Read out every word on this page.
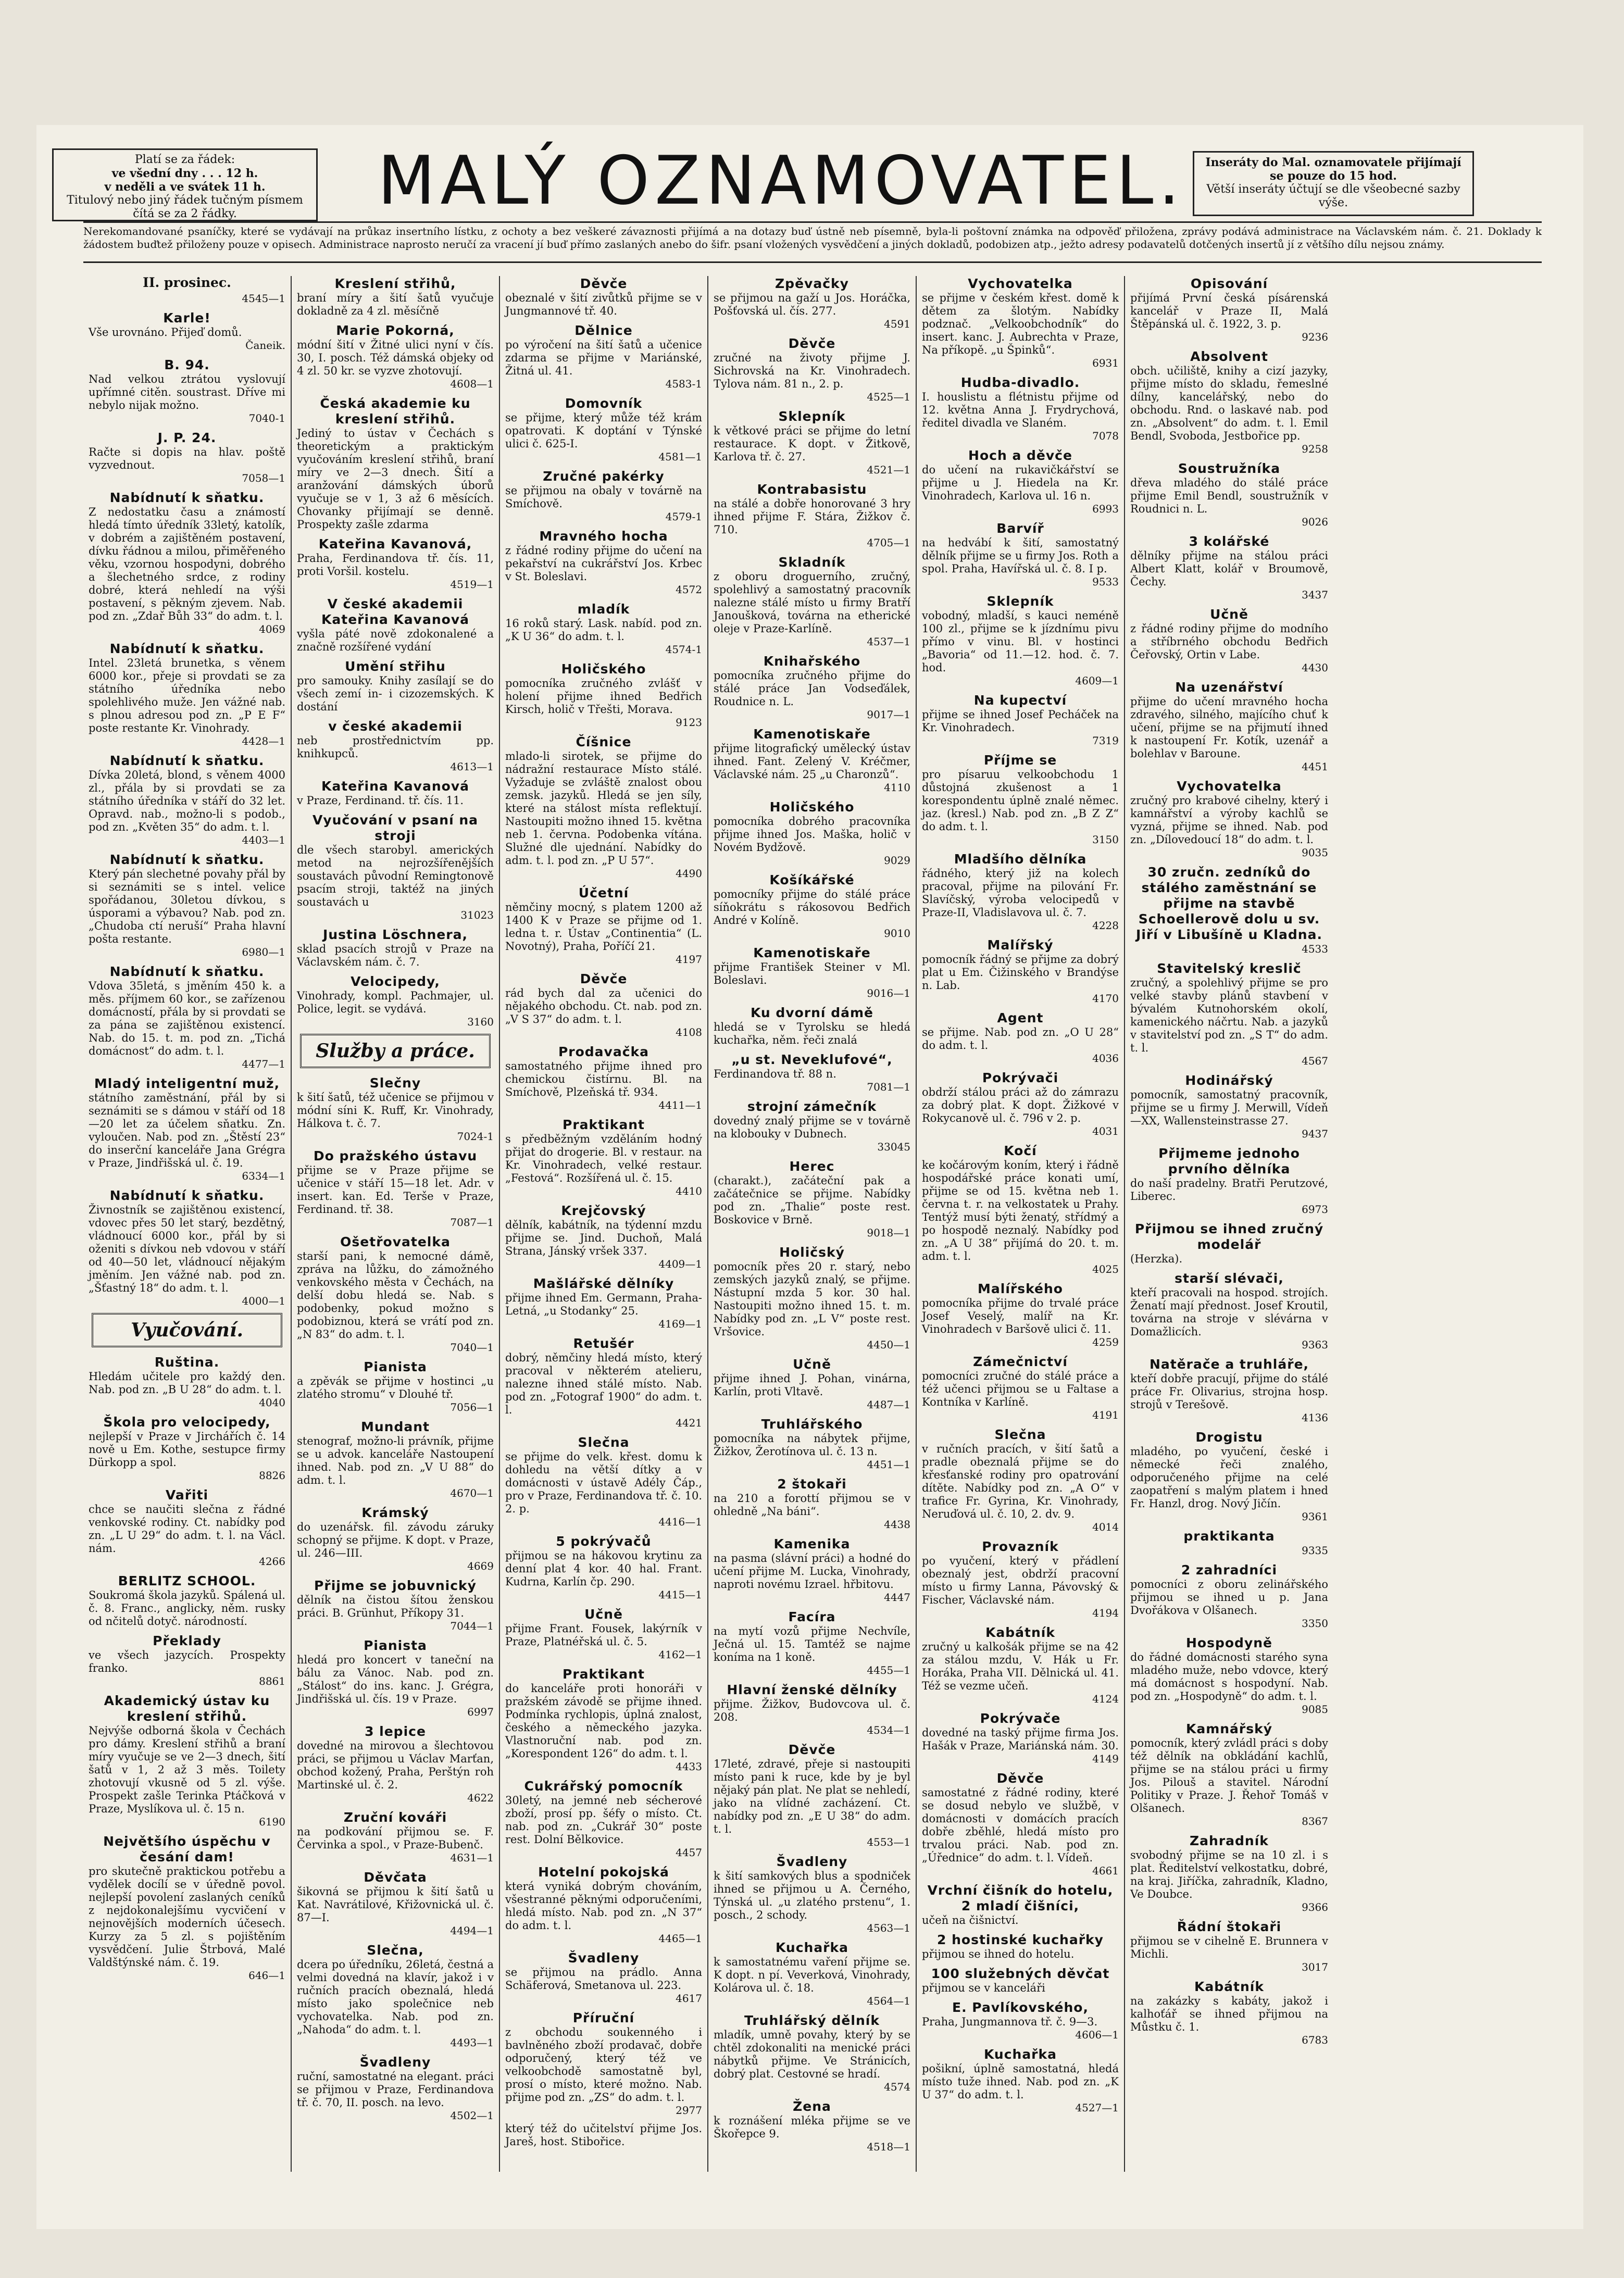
Platí se za řádek:
ve všední dny . . . 12 h.
v neděli a ve svátek 11 h.
Titulový nebo jiný řádek tučným písmem čítá se za 2 řádky.	MALÝ OZNAMOVATEL.	Inseráty do Mal. oznamovatele přijímají se pouze do 15 hod.
Větší inseráty účtují se dle všeobecné sazby výše.
Nerekomandované psaníčky, které se vydávají na průkaz insertního lístku, z ochoty a bez veškeré závaznosti přijímá a na dotazy buď ústně neb písemně, byla-li poštovní známka na odpověď přiložena, zprávy podává administrace na Václavském nám. č. 21. Doklady k žádostem buďtež přiloženy pouze v opisech. Administrace naprosto neručí za vracení jí buď přímo zaslaných anebo do šifr. psaní vložených vysvědčení a jiných dokladů, podobizen atp., ježto adresy podavatelů dotčených insertů jí z většího dílu nejsou známy.
II. prosinec.
4545—1
Karle!
Vše urovnáno. Přijeď domů.
Čaneik.
B. 94.
Nad velkou ztrátou vyslovují upřímné citěn. soustrast. Dříve mi nebylo nijak možno.
7040-1
J. P. 24.
Račte si dopis na hlav. poště vyzvednout.
7058—1
Nabídnutí k sňatku.
Z nedostatku času a známostí hledá tímto úředník 33letý, katolík, v dobrém a zajištěném postavení, dívku řádnou a milou, přiměřeného věku, vzornou hospodyni, dobrého a šlechetného srdce, z rodiny dobré, která nehledí na výši postavení, s pěkným zjevem. Nab. pod zn. „Zdař Bůh 33“ do adm. t. l.
4069
Nabídnutí k sňatku.
Intel. 23letá brunetka, s věnem 6000 kor., přeje si provdati se za státního úředníka nebo spolehlivého muže. Jen vážné nab. s plnou adresou pod zn. „P E F“ poste restante Kr. Vinohrady.
4428—1
Nabídnutí k sňatku.
Dívka 20letá, blond, s věnem 4000 zl., přála by si provdati se za státního úředníka v stáří do 32 let. Opravd. nab., možno-li s podob., pod zn. „Květen 35“ do adm. t. l.
4403—1
Nabídnutí k sňatku.
Který pán slechetné povahy přál by si seznámiti se s intel. velice spořádanou, 30letou dívkou, s úsporami a výbavou? Nab. pod zn. „Chudoba ctí neruší“ Praha hlavní pošta restante.
6980—1
Nabídnutí k sňatku.
Vdova 35letá, s jměním 450 k. a měs. příjmem 60 kor., se zařízenou domácností, přála by si provdati se za pána se zajištěnou existencí. Nab. do 15. t. m. pod zn. „Tichá domácnost“ do adm. t. l.
4477—1
Mladý inteligentní muž,
státního zaměstnání, přál by si seznámiti se s dámou v stáří od 18—20 let za účelem sňatku. Zn. vyloučen. Nab. pod zn. „Štěstí 23“ do inserční kanceláře Jana Grégra v Praze, Jindřišská ul. č. 19.
6334—1
Nabídnutí k sňatku.
Živnostník se zajištěnou existencí, vdovec přes 50 let starý, bezdětný, vládnoucí 6000 kor., přál by si oženiti s dívkou neb vdovou v stáří od 40—50 let, vládnoucí nějakým jměním. Jen vážné nab. pod zn. „Šťastný 18“ do adm. t. l.
4000—1
Vyučování.
Ruština.
Hledám učitele pro každý den. Nab. pod zn. „B U 28“ do adm. t. l.
4040
Škola pro velocipedy,
nejlepší v Praze v Jirchářích č. 14 nově u Em. Kothe, sestupce firmy Dürkopp a spol.
8826
Vařiti
chce se naučiti slečna z řádné venkovské rodiny. Ct. nabídky pod zn. „L U 29“ do adm. t. l. na Václ. nám.
4266
BERLITZ SCHOOL.
Soukromá škola jazyků. Spálená ul. č. 8. Franc., anglicky, něm. rusky od nčitelů dotyč. národností.
Překlady
ve všech jazycích. Prospekty franko.
8861
Akademický ústav ku kreslení střihů.
Nejvýše odborná škola v Čechách pro dámy. Kreslení střihů a braní míry vyučuje se ve 2—3 dnech, šití šatů v 1, 2 až 3 měs. Toilety zhotovují vkusně od 5 zl. výše. Prospekt zašle Terinka Ptáčková v Praze, Myslíkova ul. č. 15 n.
6190
Největšího úspěchu v česání dam!
pro skutečně praktickou potřebu a vydělek docílí se v úředně povol. nejlepší povolení zaslaných ceníků z nejdokonalejšímu vycvičení v nejnovějších moderních účesech. Kurzy za 5 zl. s pojištěním vysvědčení. Julie Štrbová, Malé Valdštýnské nám. č. 19.
646—1
Kreslení střihů,
braní míry a šití šatů vyučuje dokladně za 4 zl. měsíčně
Marie Pokorná,
módní šití v Žitné ulici nyní v čís. 30, I. posch. Též dámská objeky od 4 zl. 50 kr. se vyzve zhotovují.
4608—1
Česká akademie ku kreslení střihů.
Jediný to ústav v Čechách s theoretickým a praktickým vyučováním kreslení střihů, braní míry ve 2—3 dnech. Šití a aranžování dámských úborů vyučuje se v 1, 3 až 6 měsících. Chovanky přijímají se denně. Prospekty zašle zdarma
Kateřina Kavanová,
Praha, Ferdinandova tř. čís. 11, proti Voršil. kostelu.
4519—1
V české akademii Kateřina Kavanová
vyšla páté nově zdokonalené a značně rozšířené vydání
Umění střihu
pro samouky. Knihy zasílají se do všech zemí in- i cizozemských. K dostání
v české akademii
neb prostřednictvím pp. knihkupců.
4613—1
Kateřina Kavanová
v Praze, Ferdinand. tř. čís. 11.
Vyučování v psaní na stroji
dle všech starobyl. amerických metod na nejrozšířenějších soustavách původní Remingtonově psacím stroji, taktéž na jiných soustavách u
31023
Justina Löschnera,
sklad psacích strojů v Praze na Václavském nám. č. 7.
Velocipedy,
Vinohrady, kompl. Pachmajer, ul. Police, legit. se vydává.
3160
Služby a práce.
Slečny
k šití šatů, též učenice se přijmou v módní síni K. Ruff, Kr. Vinohrady, Hálkova t. č. 7.
7024-1
Do pražského ústavu
přijme se v Praze přijme se učenice v stáří 15—18 let. Adr. v insert. kan. Ed. Terše v Praze, Ferdinand. tř. 38.
7087—1
Ošetřovatelka
starší pani, k nemocné dámě, zpráva na lůžku, do zámožného venkovského města v Čechách, na delší dobu hledá se. Nab. s podobenky, pokud možno s podobiznou, která se vrátí pod zn. „N 83“ do adm. t. l.
7040—1
Pianista
a zpěvák se přijme v hostinci „u zlatého stromu“ v Dlouhé tř.
7056—1
Mundant
stenograf, možno-li právník, přijme se u advok. kanceláře Nastoupení ihned. Nab. pod zn. „V U 88“ do adm. t. l.
4670—1
Krámský
do uzenářsk. fil. závodu záruky schopný se přijme. K dopt. v Praze, ul. 246—III.
4669
Přijme se jobuvnický
dělník na čistou šítou ženskou práci. B. Grünhut, Příkopy 31.
7044—1
Pianista
hledá pro koncert v taneční na bálu za Vánoc. Nab. pod zn. „Stálost“ do ins. kanc. J. Grégra, Jindřišská ul. čís. 19 v Praze.
6997
3 lepice
dovedné na mirovou a šlechtovou práci, se přijmou u Václav Marťan, obchod kožený, Praha, Perštýn roh Martinské ul. č. 2.
4622
Zruční kováři
na podkování přijmou se. F. Červinka a spol., v Praze-Bubenč.
4631—1
Děvčata
šikovná se přijmou k šití šatů u Kat. Navrátilové, Křižovnická ul. č. 87—I.
4494—1
Slečna,
dcera po úředníku, 26letá, čestná a velmi dovedná na klavír, jakož i v ručních pracích obeznalá, hledá místo jako společnice neb vychovatelka. Nab. pod zn. „Nahoda“ do adm. t. l.
4493—1
Švadleny
ruční, samostatné na elegant. práci se přijmou v Praze, Ferdinandova tř. č. 70, II. posch. na levo.
4502—1
Děvče
obeznalé v šití zivůtků přijme se v Jungmannové tř. 40.
Dělnice
po výročení na šití šatů a učenice zdarma se přijme v Mariánské, Žitná ul. 41.
4583-1
Domovník
se přijme, který může též krám opatrovati. K doptání v Týnské ulici č. 625-I.
4581—1
Zručné pakérky
se přijmou na obaly v továrně na Smíchově.
4579-1
Mravného hocha
z řádné rodiny přijme do učení na pekařství na cukrářství Jos. Krbec v St. Boleslavi.
4572
mladík
16 roků starý. Lask. nabíd. pod zn. „K U 36“ do adm. t. l.
4574-1
Holičského
pomocníka zručného zvlášť v holení přijme ihned Bedřich Kirsch, holič v Třešti, Morava.
9123
Číšnice
mlado-li sirotek, se přijme do nádražní restaurace Místo stálé. Vyžaduje se zvláště znalost obou zemsk. jazyků. Hledá se jen síly, které na stálost místa reflektují. Nastoupiti možno ihned 15. května neb 1. června. Podobenka vítána. Služné dle ujednání. Nabídky do adm. t. l. pod zn. „P U 57“.
4490
Účetní
němčiny mocný, s platem 1200 až 1400 K v Praze se přijme od 1. ledna t. r. Ústav „Continentia“ (L. Novotný), Praha, Poříčí 21.
4197
Děvče
rád bych dal za učenici do nějakého obchodu. Ct. nab. pod zn. „V S 37“ do adm. t. l.
4108
Prodavačka
samostatného přijme ihned pro chemickou čistírnu. Bl. na Smíchově, Plzeňská tř. 934.
4411—1
Praktikant
s předběžným vzděláním hodný přijat do drogerie. Bl. v restaur. na Kr. Vinohradech, velké restaur. „Festová“. Rozšířená ul. č. 15.
4410
Krejčovský
dělník, kabátník, na týdenní mzdu přijme se. Jind. Duchoň, Malá Strana, Jánský vršek 337.
4409—1
Mašlářské dělníky
přijme ihned Em. Germann, Praha-Letná, „u Stodanky“ 25.
4169—1
Retušér
dobrý, němčiny hledá místo, který pracoval v některém atelieru, nalezne ihned stálé místo. Nab. pod zn. „Fotograf 1900“ do adm. t. l.
4421
Slečna
se přijme do velk. křest. domu k dohledu na větší dítky a v domácnosti v ústavě Adély Čáp., pro v Praze, Ferdinandova tř. č. 10. 2. p.
4416—1
5 pokrývačů
přijmou se na hákovou krytinu za denní plat 4 kor. 40 hal. Frant. Kudrna, Karlín čp. 290.
4415—1
Učně
přijme Frant. Fousek, lakýrník v Praze, Platnéřská ul. č. 5.
4162—1
Praktikant
do kanceláře proti honoráři v pražském závodě se přijme ihned. Podmínka rychlopis, úplná znalost, českého a německého jazyka. Vlastnoruční nab. pod zn. „Korespondent 126“ do adm. t. l.
4433
Cukrářský pomocník
30letý, na jemné neb sécherové zboží, prosí pp. šéfy o místo. Ct. nab. pod zn. „Cukrář 30“ poste rest. Dolní Bělkovice.
4457
Hotelní pokojská
která vyniká dobrým chováním, všestranné pěknými odporučeními, hledá místo. Nab. pod zn. „N 37“ do adm. t. l.
4465—1
Švadleny
se přijmou na prádlo. Anna Schäferová, Smetanova ul. 223.
4617
Příruční
z obchodu soukenného i bavlněného zboží prodavač, dobře odporučený, který též ve velkoobchodě samostatně byl, prosí o místo, které možno. Nab. přijme pod zn. „ZS“ do adm. t. l.
2977
který též do učitelství přijme Jos. Jareš, host. Stibořice.
Zpěvačky
se přijmou na gaží u Jos. Horáčka, Pošťovská ul. čís. 277.
4591
Děvče
zručné na životy přijme J. Sichrovská na Kr. Vinohradech. Tylova nám. 81 n., 2. p.
4525—1
Sklepník
k větkové práci se přijme do letní restaurace. K dopt. v Žitkově, Karlova tř. č. 27.
4521—1
Kontrabasistu
na stálé a dobře honorované 3 hry ihned přijme F. Stára, Žižkov č. 710.
4705—1
Skladník
z oboru droguerního, zručný, spolehlivý a samostatný pracovník nalezne stálé místo u firmy Bratří Janoušková, továrna na etherické oleje v Praze-Karlíně.
4537—1
Knihařského
pomocníka zručného přijme do stálé práce Jan Vodseďálek, Roudnice n. L.
9017—1
Kamenotiskaře
přijme litografický umělecký ústav ihned. Fant. Zelený V. Kréčmer, Václavské nám. 25 „u Charonzů“.
4110
Holičského
pomocníka dobrého pracovníka přijme ihned Jos. Maška, holič v Novém Bydžově.
9029
Košíkářské
pomocníky přijme do stálé práce síňokrátu s rákosovou Bedřich André v Kolíně.
9010
Kamenotiskaře
přijme František Steiner v Ml. Boleslavi.
9016—1
Ku dvorní dámě
hledá se v Tyrolsku se hledá kuchařka, něm. řeči znalá
„u st. Neveklufové“,
Ferdinandova tř. 88 n.
7081—1
strojní zámečník
dovedný znalý přijme se v továrně na klobouky v Dubnech.
33045
Herec
(charakt.), začáteční pak a začátečnice se přijme. Nabídky pod zn. „Thalie“ poste rest. Boskovice v Brně.
9018—1
Holičský
pomocník přes 20 r. starý, nebo zemských jazyků znalý, se přijme. Nástupní mzda 5 kor. 30 hal. Nastoupiti možno ihned 15. t. m. Nabídky pod zn. „L V“ poste rest. Vršovice.
4450—1
Učně
přijme ihned J. Pohan, vinárna, Karlín, proti Vltavě.
4487—1
Truhlářského
pomocníka na nábytek přijme, Žižkov, Žerotínova ul. č. 13 n.
4451—1
2 štokaři
na 210 a forottí přijmou se v ohledně „Na báni“.
4438
Kamenika
na pasma (slávní práci) a hodné do učení přijme M. Lucka, Vinohrady, naproti novému Izrael. hřbitovu.
4447
Facíra
na mytí vozů přijme Nechvíle, Ječná ul. 15. Tamtéž se najme koníma na 1 koně.
4455—1
Hlavní ženské dělníky
přijme. Žižkov, Budovcova ul. č. 208.
4534—1
Děvče
17leté, zdravé, přeje si nastoupiti místo pani k ruce, kde by je byl nějaký pán plat. Ne plat se nehledí, jako na vlídné zacházení. Ct. nabídky pod zn. „E U 38“ do adm. t. l.
4553—1
Švadleny
k šití samkových blus a spodniček ihned se přijmou u A. Černého, Týnská ul. „u zlatého prstenu“, 1. posch., 2 schody.
4563—1
Kuchařka
k samostatnému vaření přijme se. K dopt. n pí. Veverková, Vinohrady, Kolárova ul. č. 18.
4564—1
Truhlářský dělník
mladík, umně povahy, který by se chtěl zdokonaliti na menické práci nábytků přijme. Ve Stránicích, dobrý plat. Cestovné se hradí.
4574
Žena
k roznášení mléka přijme se ve Škořepce 9.
4518—1
Vychovatelka
se přijme v českém křest. domě k dětem za šlotým. Nabídky podznač. „Velkoobchodník“ do insert. kanc. J. Aubrechta v Praze, Na příkopě. „u Špinků“.
6931
Hudba-divadlo.
I. houslistu a flétnistu přijme od 12. května Anna J. Frydrychová, ředitel divadla ve Slaném.
7078
Hoch a děvče
do učení na rukavičkářství se přijme u J. Hiedela na Kr. Vinohradech, Karlova ul. 16 n.
6993
Barvíř
na hedvábí k šití, samostatný dělník přijme se u firmy Jos. Roth a spol. Praha, Havířská ul. č. 8. I p.
9533
Sklepník
vobodný, mladší, s kauci neméně 100 zl., přijme se k jízdnímu pivu přímo v vinu. Bl. v hostinci „Bavoria“ od 11.—12. hod. č. 7. hod.
4609—1
Na kupectví
přijme se ihned Josef Pecháček na Kr. Vinohradech.
7319
Příjme se
pro písaruu velkoobchodu 1 důstojná zkušenost a 1 korespondentu úplně znalé němec. jaz. (kresl.) Nab. pod zn. „B Z Z“ do adm. t. l.
3150
Mladšího dělníka
řádného, který již na kolech pracoval, přijme na pilování Fr. Slavíčský, výroba velocipedů v Praze-II, Vladislavova ul. č. 7.
4228
Malířský
pomocník řádný se přijme za dobrý plat u Em. Čižinského v Brandýse n. Lab.
4170
Agent
se přijme. Nab. pod zn. „O U 28“ do adm. t. l.
4036
Pokrývači
obdrží stálou práci až do zámrazu za dobrý plat. K dopt. Žižkové v Rokycanově ul. č. 796 v 2. p.
4031
Kočí
ke kočárovým koním, který i řádně hospodářské práce konati umí, přijme se od 15. května neb 1. června t. r. na velkostatek u Prahy. Tentýž musí býti ženatý, střídmý a po hospodě neznalý. Nabídky pod zn. „A U 38“ přijímá do 20. t. m. adm. t. l.
4025
Malířského
pomocníka přijme do trvalé práce Josef Veselý, malíř na Kr. Vinohradech v Baršově ulici č. 11.
4259
Zámečnictví
pomocníci zručné do stálé práce a též učenci přijmou se u Faltase a Kontníka v Karlíně.
4191
Slečna
v ručních pracích, v šití šatů a pradle obeznalá přijme se do křesťanské rodiny pro opatrování dítěte. Nabídky pod zn. „A O“ v trafice Fr. Gyrina, Kr. Vinohrady, Neruďová ul. č. 10, 2. dv. 9.
4014
Provazník
po vyučení, který v přádlení obeznalý jest, obdrží pracovní místo u firmy Lanna, Pávovský & Fischer, Václavské nám.
4194
Kabátník
zručný u kalkošák přijme se na 42 za stálou mzdu, V. Hák u Fr. Horáka, Praha VII. Dělnická ul. 41. Též se vezme učeň.
4124
Pokrývače
dovedné na taský přijme firma Jos. Hašák v Praze, Mariánská nám. 30.
4149
Děvče
samostatné z řádné rodiny, které se dosud nebylo ve službě, v domácnosti v domácích pracích dobře zběhlé, hledá místo pro trvalou práci. Nab. pod zn. „Úřednice“ do adm. t. l. Vídeň.
4661
Vrchní čišník do hotelu, 2 mladí čišníci,
učeň na čišnictví.
2 hostinské kuchařky
přijmou se ihned do hotelu.
100 služebných děvčat
přijmou se v kanceláři
E. Pavlíkovského,
Praha, Jungmannova tř. č. 9—3.
4606—1
Kuchařka
pošikní, úplně samostatná, hledá místo tuže ihned. Nab. pod zn. „K U 37“ do adm. t. l.
4527—1
Opisování
přijímá První česká písárenská kancelář v Praze II, Malá Štěpánská ul. č. 1922, 3. p.
9236
Absolvent
obch. učiliště, knihy a cizí jazyky, přijme místo do skladu, řemeslné dílny, kancelářský, nebo do obchodu. Rnd. o laskavé nab. pod zn. „Absolvent“ do adm. t. l. Emil Bendl, Svoboda, Jestbořice pp.
9258
Soustružníka
dřeva mladého do stálé práce přijme Emil Bendl, soustružník v Roudnici n. L.
9026
3 kolářské
dělníky přijme na stálou práci Albert Klatt, kolář v Broumově, Čechy.
3437
Učně
z řádné rodiny přijme do modního a stříbrného obchodu Bedřich Čeřovský, Ortin v Labe.
4430
Na uzenářství
přijme do učení mravného hocha zdravého, silného, majícího chuť k učení, přijme se na přijmutí ihned k nastoupení Fr. Kotík, uzenář a bolehlav v Baroune.
4451
Vychovatelka
zručný pro krabové cihelny, který i kamnářství a výroby kachlů se vyzná, přijme se ihned. Nab. pod zn. „Dílovedoucí 18“ do adm. t. l.
9035
30 zručn. zedníků do stálého zaměstnání se přijme na stavbě Schoellerově dolu u sv. Jiří v Libušíně u Kladna.
4533
Stavitelský kreslič
zručný, a spolehlivý přijme se pro velké stavby plánů stavbení v bývalém Kutnohorském okolí, kamenického náčrtu. Nab. a jazyků v stavitelství pod zn. „S T“ do adm. t. l.
4567
Hodinářský
pomocník, samostatný pracovník, přijme se u firmy J. Merwill, Vídeň—XX, Wallensteinstrasse 27.
9437
Přijmeme jednoho prvního dělníka
do naší pradelny. Bratři Perutzové, Liberec.
6973
Přijmou se ihned zručný modelář
(Herzka).
starší slévači,
kteří pracovali na hospod. strojích. Ženatí mají přednost. Josef Kroutil, továrna na stroje v slévárna v Domažlicích.
9363
Natěrače a truhláře,
kteří dobře pracují, přijme do stálé práce Fr. Olivarius, strojna hosp. strojů v Terešově.
4136
Drogistu
mladého, po vyučení, české i německé řeči znalého, odporučeného přijme na celé zaopatření s malým platem i hned Fr. Hanzl, drog. Nový Jičín.
9361
praktikanta
9335
2 zahradníci
pomocníci z oboru zelinářského přijmou se ihned u p. Jana Dvořákova v Olšanech.
3350
Hospodyně
do řádné domácnosti starého syna mladého muže, nebo vdovce, který má domácnost s hospodyní. Nab. pod zn. „Hospodyně“ do adm. t. l.
9085
Kamnářský
pomocník, který zvládl práci s doby též dělník na obkládání kachlů, přijme se na stálou práci u firmy Jos. Pilouš a stavitel. Národní Politiky v Praze. J. Řehoř Tomáš v Olšanech.
8367
Zahradník
svobodný přijme se na 10 zl. i s plat. Ředitelství velkostatku, dobré, na kraj. Jiříčka, zahradník, Kladno, Ve Doubce.
9366
Řádní štokaři
přijmou se v cihelně E. Brunnera v Michli.
3017
Kabátník
na zakázky s kabáty, jakož i kalhoťář se ihned přijmou na Můstku č. 1.
6783
